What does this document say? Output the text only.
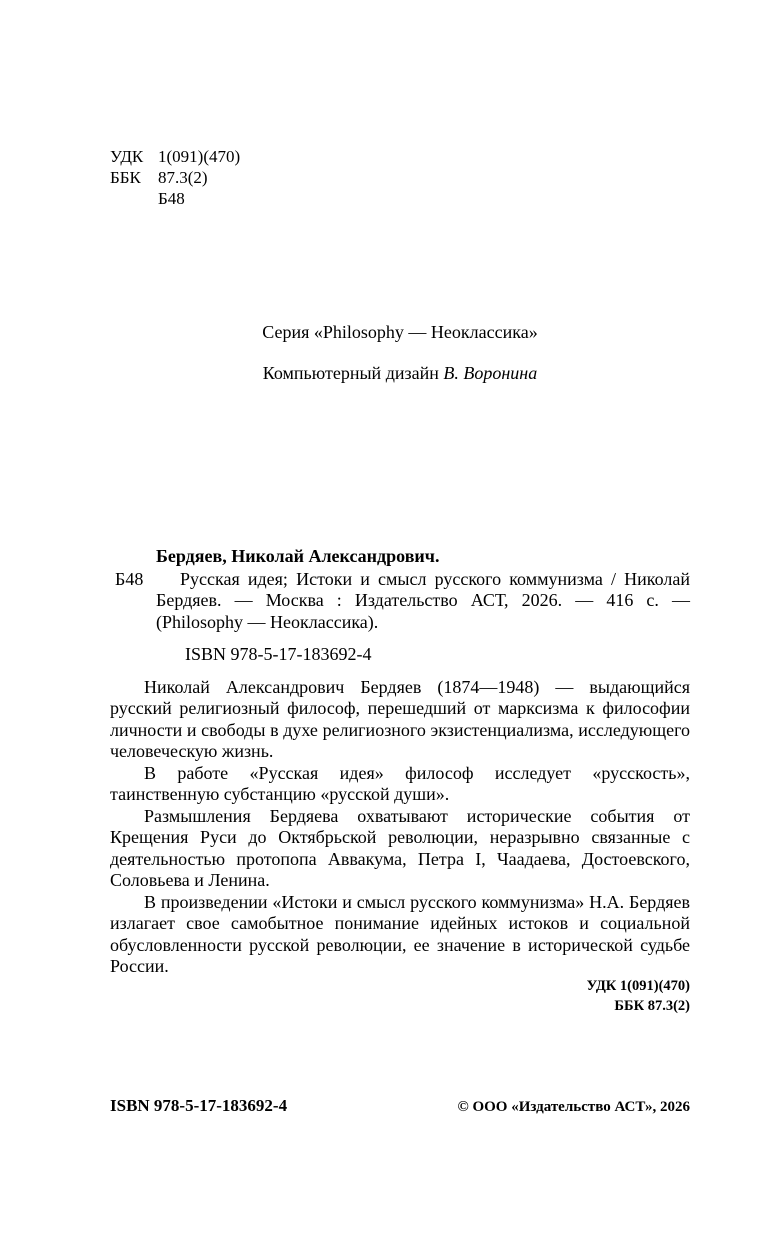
УДК 1(091)(470)
ББК 87.3(2)
Б48
Серия «Philosophy — Неоклассика»
Компьютерный дизайн В. Воронина

Бердяев, Николай Александрович.

Б48 Русская идея; Истоки и смысл русского коммунизма / Николай Бердяев. — Москва : Издательство АСТ, 2026. — 416 с. — (Philosophy — Неоклассика).

ISBN 978-5-17-183692-4

Николай Александрович Бердяев (1874—1948) — выдающийся русский религиозный философ, перешедший от марксизма к философии личности и свободы в духе религиозного экзистенциализма, исследующего человеческую жизнь.

В работе «Русская идея» философ исследует «русскость», таинственную субстанцию «русской души».

Размышления Бердяева охватывают исторические события от Крещения Руси до Октябрьской революции, неразрывно связанные с деятельностью протопопа Аввакума, Петра I, Чаадаева, Достоевского, Соловьева и Ленина.

В произведении «Истоки и смысл русского коммунизма» Н.А. Бердяев излагает свое самобытное понимание идейных истоков и социальной обусловленности русской революции, ее значение в исторической судьбе России.

УДК 1(091)(470)
ББК 87.3(2)
ISBN 978-5-17-183692-4	© ООО «Издательство АСТ», 2026
